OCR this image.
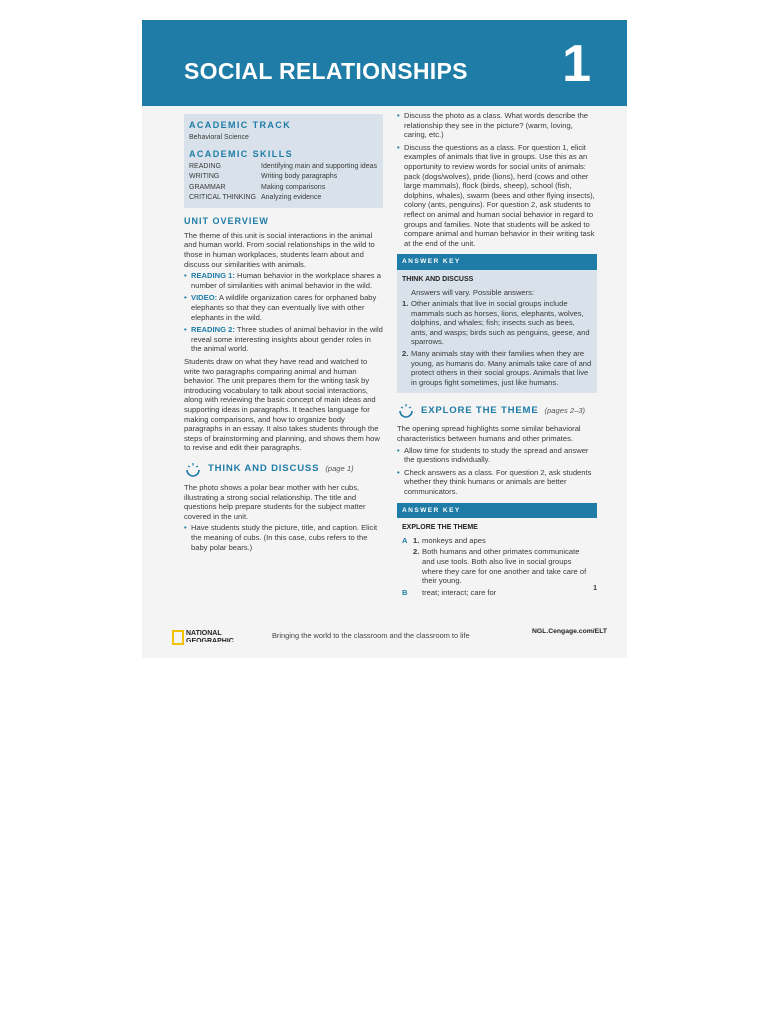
SOCIAL RELATIONSHIPS 1
ACADEMIC TRACK
Behavioral Science
ACADEMIC SKILLS
READING	Identifying main and supporting ideas
WRITING	Writing body paragraphs
GRAMMAR	Making comparisons
CRITICAL THINKING Analyzing evidence
UNIT OVERVIEW

The theme of this unit is social interactions in the animal and human world. From social relationships in the wild to those in human workplaces, students learn about and discuss our similarities with animals.

• READING 1: Human behavior in the workplace shares a number of similarities with animal behavior in the wild.
• VIDEO: A wildlife organization cares for orphaned baby elephants so that they can eventually live with other elephants in the wild.
• READING 2: Three studies of animal behavior in the wild reveal some interesting insights about gender roles in the animal world.

Students draw on what they have read and watched to write two paragraphs comparing animal and human behavior. The unit prepares them for the writing task by introducing vocabulary to talk about social interactions, along with reviewing the basic concept of main ideas and supporting ideas in paragraphs. It teaches language for making comparisons, and how to organize body paragraphs in an essay. It also takes students through the steps of brainstorming and planning, and shows them how to revise and edit their paragraphs.

THINK AND DISCUSS (page 1)

The photo shows a polar bear mother with her cubs, illustrating a strong social relationship. The title and questions help prepare students for the subject matter covered in the unit.

• Have students study the picture, title, and caption. Elicit the meaning of cubs. (In this case, cubs refers to the baby polar bears.)
• Discuss the photo as a class. What words describe the relationship they see in the picture? (warm, loving, caring, etc.)
• Discuss the questions as a class. For question 1, elicit examples of animals that live in groups. Use this as an opportunity to review words for social units of animals: pack (dogs/wolves), pride (lions), herd (cows and other large mammals), flock (birds, sheep), school (fish, dolphins, whales), swarm (bees and other flying insects), colony (ants, penguins). For question 2, ask students to reflect on animal and human social behavior in regard to groups and families. Note that students will be asked to compare animal and human behavior in their writing task at the end of the unit.
ANSWER KEY
THINK AND DISCUSS
Answers will vary. Possible answers:
1. Other animals that live in social groups include mammals such as horses, lions, elephants, wolves, dolphins, and whales; fish; insects such as bees, ants, and wasps; birds such as penguins, geese, and sparrows.
2. Many animals stay with their families when they are young, as humans do. Many animals take care of and protect others in their social groups. Animals that live in groups fight sometimes, just like humans.
EXPLORE THE THEME (pages 2–3)

The opening spread highlights some similar behavioral characteristics between humans and other primates.

• Allow time for students to study the spread and answer the questions individually.
• Check answers as a class. For question 2, ask students whether they think humans or animals are better communicators.
ANSWER KEY
EXPLORE THE THEME
A 1. monkeys and apes
2. Both humans and other primates communicate and use tools. Both also live in social groups where they care for one another and take care of their young.
B	treat; interact; care for	1
NATIONAL
GEOGRAPHIC
Bringing the world to the classroom and the classroom to life	NGL.Cengage.com/ELT
